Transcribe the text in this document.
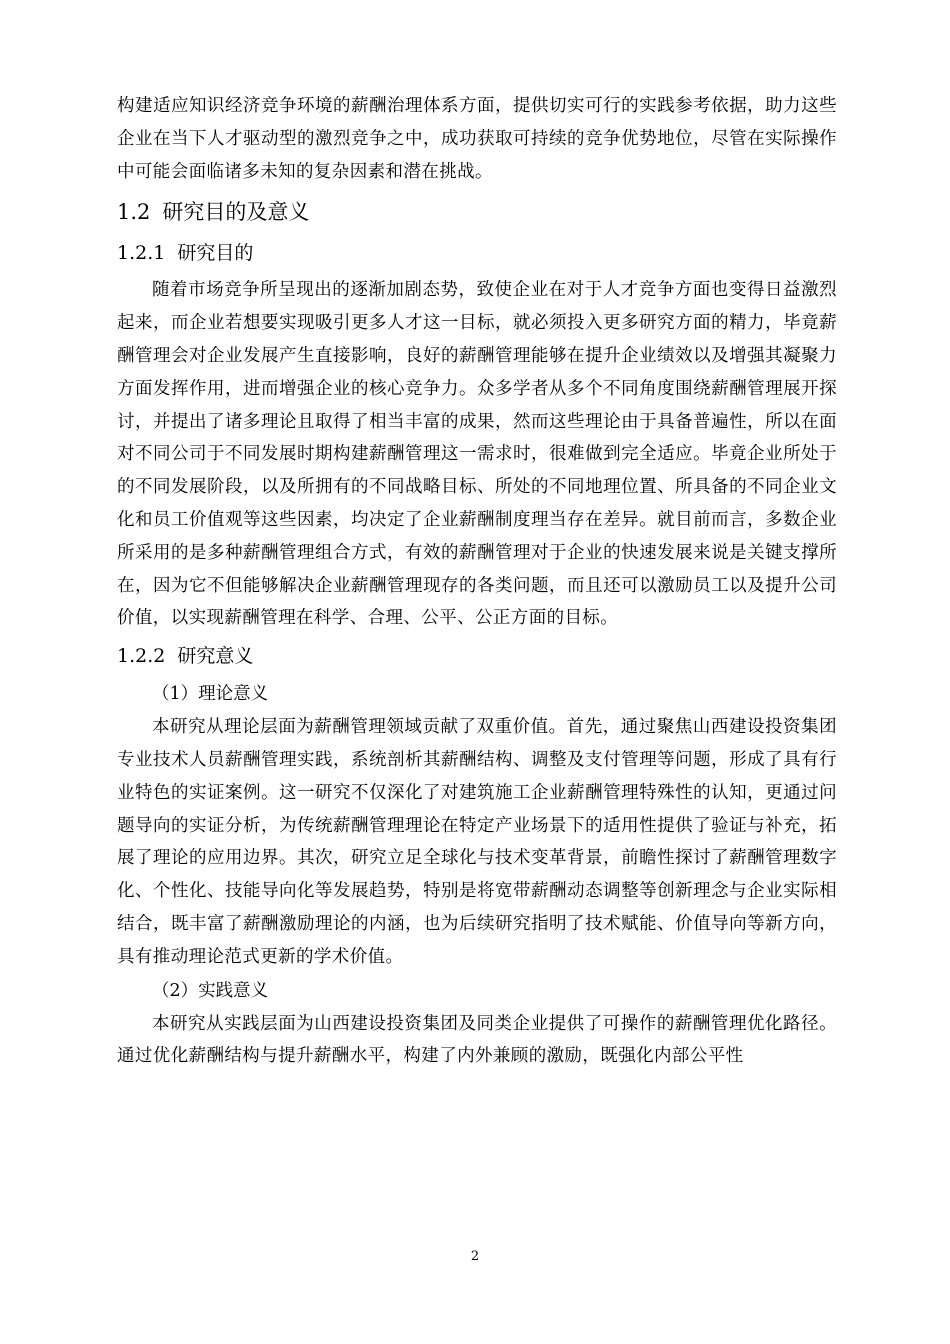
构建适应知识经济竞争环境的薪酬治理体系方面，提供切实可行的实践参考依据，助力这些企业在当下人才驱动型的激烈竞争之中，成功获取可持续的竞争优势地位，尽管在实际操作中可能会面临诸多未知的复杂因素和潜在挑战。

1.2 研究目的及意义
1.2.1 研究目的

随着市场竞争所呈现出的逐渐加剧态势，致使企业在对于人才竞争方面也变得日益激烈起来，而企业若想要实现吸引更多人才这一目标，就必须投入更多研究方面的精力，毕竟薪酬管理会对企业发展产生直接影响，良好的薪酬管理能够在提升企业绩效以及增强其凝聚力方面发挥作用，进而增强企业的核心竞争力。众多学者从多个不同角度围绕薪酬管理展开探讨，并提出了诸多理论且取得了相当丰富的成果，然而这些理论由于具备普遍性，所以在面对不同公司于不同发展时期构建薪酬管理这一需求时，很难做到完全适应。毕竟企业所处于的不同发展阶段，以及所拥有的不同战略目标、所处的不同地理位置、所具备的不同企业文化和员工价值观等这些因素，均决定了企业薪酬制度理当存在差异。就目前而言，多数企业所采用的是多种薪酬管理组合方式，有效的薪酬管理对于企业的快速发展来说是关键支撑所在，因为它不但能够解决企业薪酬管理现存的各类问题，而且还可以激励员工以及提升公司价值，以实现薪酬管理在科学、合理、公平、公正方面的目标。

1.2.2 研究意义

（1）理论意义

本研究从理论层面为薪酬管理领域贡献了双重价值。首先，通过聚焦山西建设投资集团专业技术人员薪酬管理实践，系统剖析其薪酬结构、调整及支付管理等问题，形成了具有行业特色的实证案例。这一研究不仅深化了对建筑施工企业薪酬管理特殊性的认知，更通过问题导向的实证分析，为传统薪酬管理理论在特定产业场景下的适用性提供了验证与补充，拓展了理论的应用边界。其次，研究立足全球化与技术变革背景，前瞻性探讨了薪酬管理数字化、个性化、技能导向化等发展趋势，特别是将宽带薪酬动态调整等创新理念与企业实际相结合，既丰富了薪酬激励理论的内涵，也为后续研究指明了技术赋能、价值导向等新方向，具有推动理论范式更新的学术价值。

（2）实践意义

本研究从实践层面为山西建设投资集团及同类企业提供了可操作的薪酬管理优化路径。通过优化薪酬结构与提升薪酬水平，构建了内外兼顾的激励，既强化内部公平性

2
